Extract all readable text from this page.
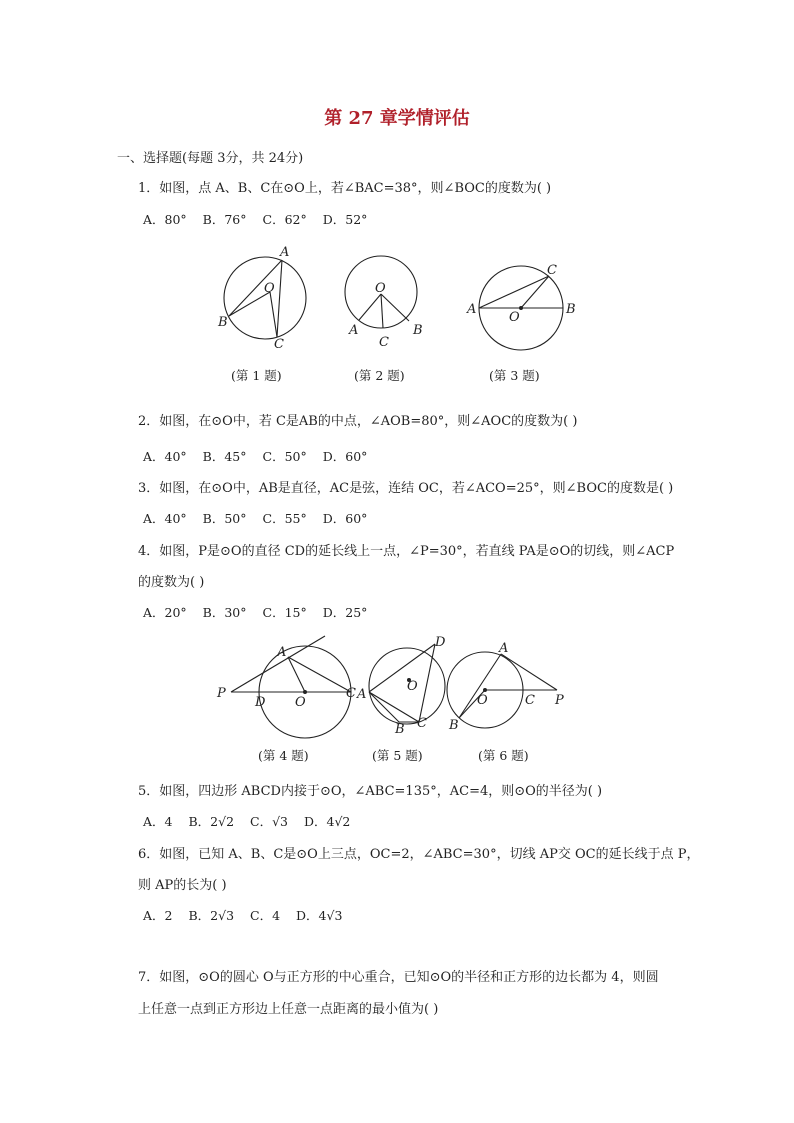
第 27 章学情评估
一、选择题(每题 3分，共 24分)
1．如图，点 A、B、C在⊙O上，若∠BAC=38°，则∠BOC的度数为( )
A．80° B．76° C．62° D．52°
A
O
B
C
O
A
C
B
A
O
C
B
(第 1 题)	(第 2 题)	(第 3 题)
2．如图，在⊙O中，若 C是AB的中点，∠AOB=80°，则∠AOC的度数为( )
A．40° B．45° C．50° D．60°
3．如图，在⊙O中，AB是直径，AC是弦，连结 OC，若∠ACO=25°，则∠BOC的度数是( )
A．40° B．50° C．55° D．60°
4．如图，P是⊙O的直径 CD的延长线上一点，∠P=30°，若直线 PA是⊙O的切线，则∠ACP
的度数为( )
A．20° B．30° C．15° D．25°
P
A
D O
C
D
A
O
B C
A
O	C P
B
(第 4 题)	(第 5 题)	(第 6 题)
5．如图，四边形 ABCD内接于⊙O，∠ABC=135°，AC=4，则⊙O的半径为( )
A．4 B．2√2 C．√3 D．4√2
6．如图，已知 A、B、C是⊙O上三点，OC=2，∠ABC=30°，切线 AP交 OC的延长线于点 P，
则 AP的长为( )
A．2 B．2√3 C．4 D．4√3
7．如图，⊙O的圆心 O与正方形的中心重合，已知⊙O的半径和正方形的边长都为 4，则圆
上任意一点到正方形边上任意一点距离的最小值为( )
